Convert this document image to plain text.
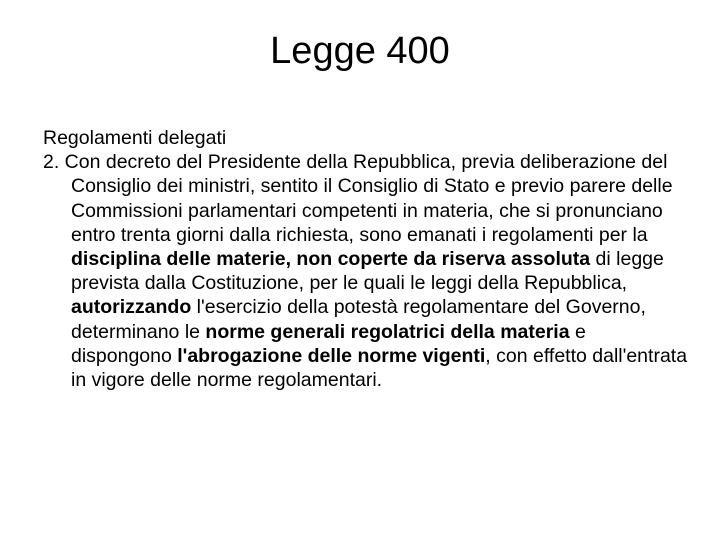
Legge 400

Regolamenti delegati

2. Con decreto del Presidente della Repubblica, previa deliberazione del Consiglio dei ministri, sentito il Consiglio di Stato e previo parere delle Commissioni parlamentari competenti in materia, che si pronunciano entro trenta giorni dalla richiesta, sono emanati i regolamenti per la disciplina delle materie, non coperte da riserva assoluta di legge prevista dalla Costituzione, per le quali le leggi della Repubblica, autorizzando l'esercizio della potestà regolamentare del Governo, determinano le norme generali regolatrici della materia e dispongono l'abrogazione delle norme vigenti, con effetto dall'entrata in vigore delle norme regolamentari.
